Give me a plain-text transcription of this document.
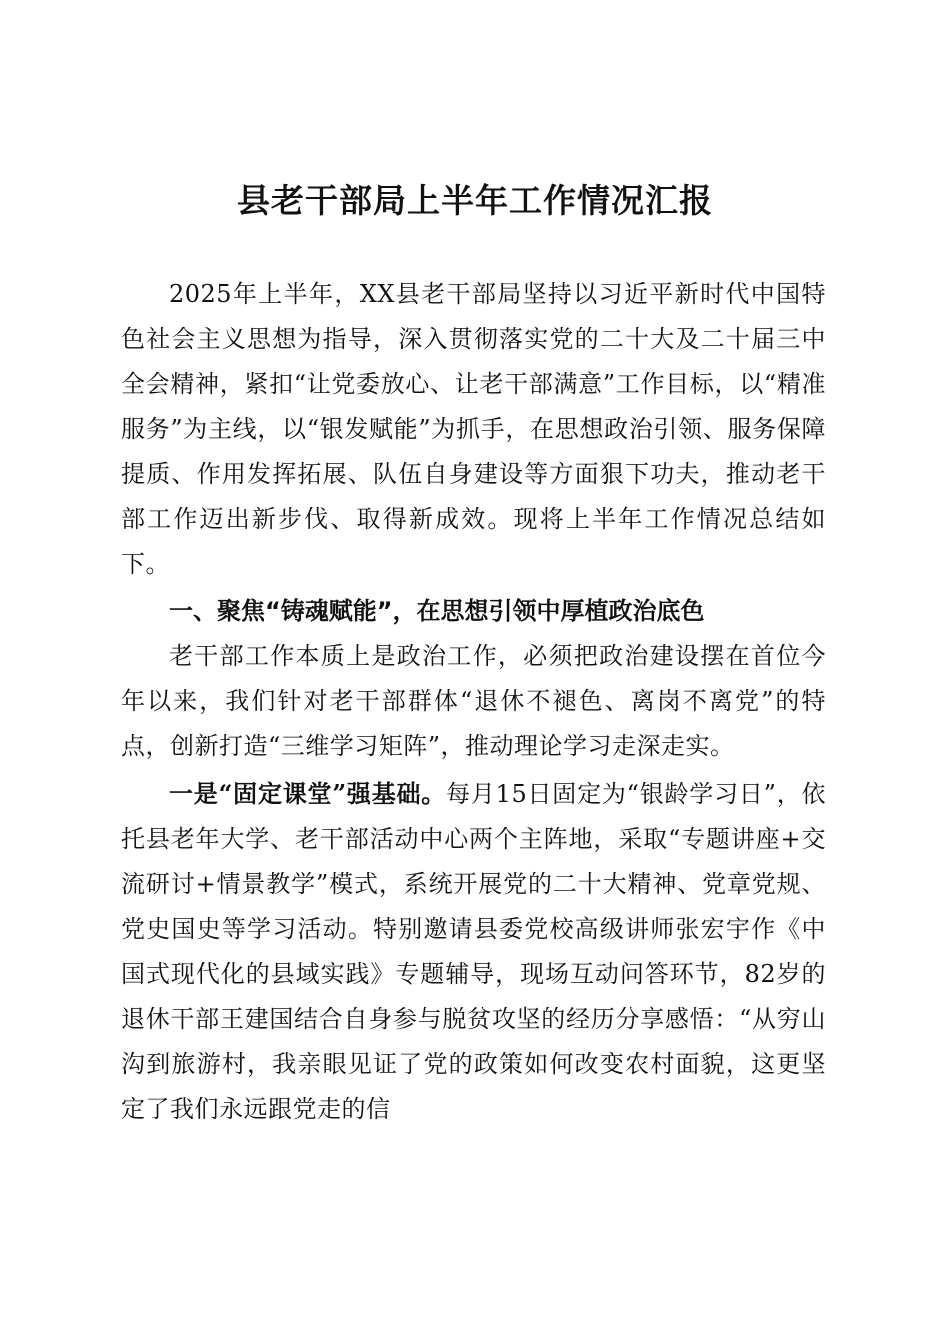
县老干部局上半年工作情况汇报

2025年上半年，XX县老干部局坚持以习近平新时代中国特色社会主义思想为指导，深入贯彻落实党的二十大及二十届三中全会精神，紧扣“让党委放心、让老干部满意”工作目标，以“精准服务”为主线，以“银发赋能”为抓手，在思想政治引领、服务保障提质、作用发挥拓展、队伍自身建设等方面狠下功夫，推动老干部工作迈出新步伐、取得新成效。现将上半年工作情况总结如下。

一、聚焦“铸魂赋能”，在思想引领中厚植政治底色

老干部工作本质上是政治工作，必须把政治建设摆在首位今年以来，我们针对老干部群体“退休不褪色、离岗不离党”的特点，创新打造“三维学习矩阵”，推动理论学习走深走实。

一是“固定课堂”强基础。每月15日固定为“银龄学习日”，依托县老年大学、老干部活动中心两个主阵地，采取“专题讲座+交流研讨+情景教学”模式，系统开展党的二十大精神、党章党规、党史国史等学习活动。特别邀请县委党校高级讲师张宏宇作《中国式现代化的县域实践》专题辅导，现场互动问答环节，82岁的退休干部王建国结合自身参与脱贫攻坚的经历分享感悟：“从穷山沟到旅游村，我亲眼见证了党的政策如何改变农村面貌，这更坚定了我们永远跟党走的信
